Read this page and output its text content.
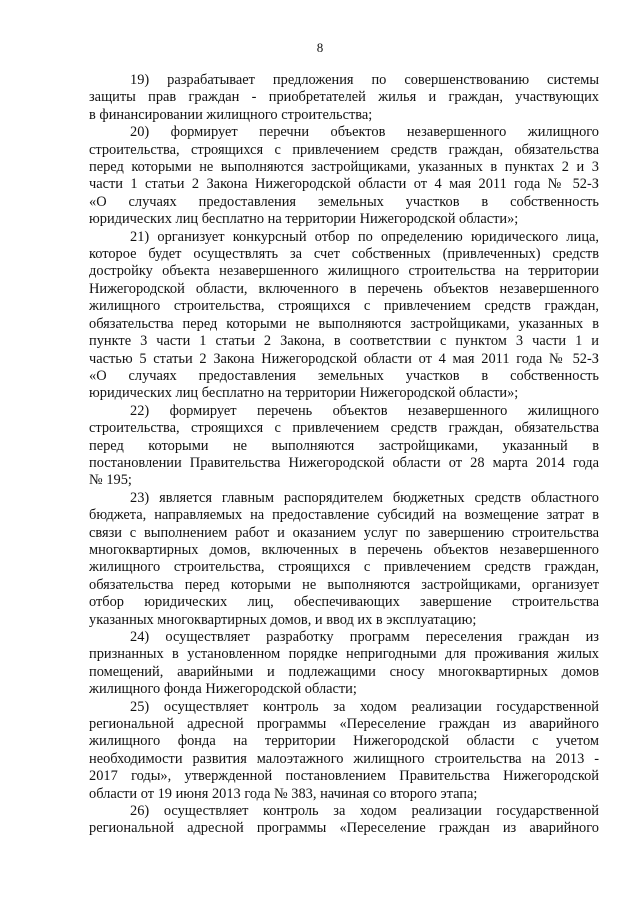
8
19) разрабатывает предложения по совершенствованию системы
защиты прав граждан - приобретателей жилья и граждан, участвующих
в финансировании жилищного строительства;
20) формирует перечни объектов незавершенного жилищного
строительства, строящихся с привлечением средств граждан, обязательства
перед которыми не выполняются застройщиками, указанных в пунктах 2 и 3
части 1 статьи 2 Закона Нижегородской области от 4 мая 2011 года № 52-З
«О случаях предоставления земельных участков в собственность
юридических лиц бесплатно на территории Нижегородской области»;
21) организует конкурсный отбор по определению юридического лица,
которое будет осуществлять за счет собственных (привлеченных) средств
достройку объекта незавершенного жилищного строительства на территории
Нижегородской области, включенного в перечень объектов незавершенного
жилищного строительства, строящихся с привлечением средств граждан,
обязательства перед которыми не выполняются застройщиками, указанных в
пункте 3 части 1 статьи 2 Закона, в соответствии с пунктом 3 части 1 и
частью 5 статьи 2 Закона Нижегородской области от 4 мая 2011 года № 52-З
«О случаях предоставления земельных участков в собственность
юридических лиц бесплатно на территории Нижегородской области»;
22) формирует перечень объектов незавершенного жилищного
строительства, строящихся с привлечением средств граждан, обязательства
перед которыми не выполняются застройщиками, указанный в
постановлении Правительства Нижегородской области от 28 марта 2014 года
№ 195;
23) является главным распорядителем бюджетных средств областного
бюджета, направляемых на предоставление субсидий на возмещение затрат в
связи с выполнением работ и оказанием услуг по завершению строительства
многоквартирных домов, включенных в перечень объектов незавершенного
жилищного строительства, строящихся с привлечением средств граждан,
обязательства перед которыми не выполняются застройщиками, организует
отбор юридических лиц, обеспечивающих завершение строительства
указанных многоквартирных домов, и ввод их в эксплуатацию;
24) осуществляет разработку программ переселения граждан из
признанных в установленном порядке непригодными для проживания жилых
помещений, аварийными и подлежащими сносу многоквартирных домов
жилищного фонда Нижегородской области;
25) осуществляет контроль за ходом реализации государственной
региональной адресной программы «Переселение граждан из аварийного
жилищного фонда на территории Нижегородской области с учетом
необходимости развития малоэтажного жилищного строительства на 2013 -
2017 годы», утвержденной постановлением Правительства Нижегородской
области от 19 июня 2013 года № 383, начиная со второго этапа;
26) осуществляет контроль за ходом реализации государственной
региональной адресной программы «Переселение граждан из аварийного
